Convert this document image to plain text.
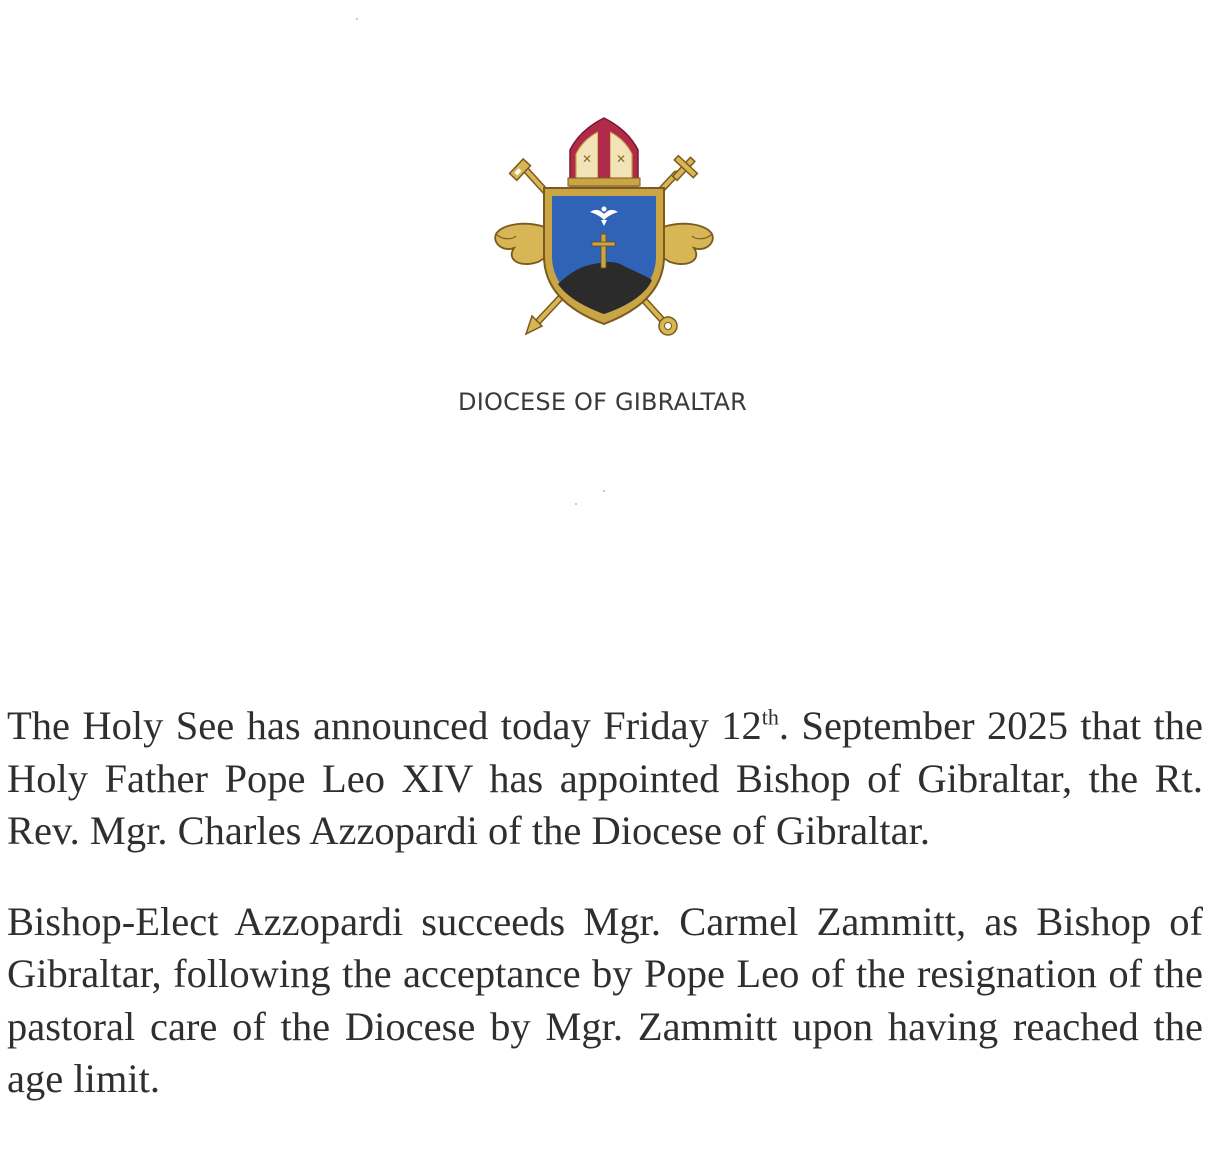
✕ ✕
DIOCESE OF GIBRALTAR

The Holy See has announced today Friday 12th. September 2025 that the Holy Father Pope Leo XIV has appointed Bishop of Gibraltar, the Rt. Rev. Mgr. Charles Azzopardi of the Diocese of Gibraltar.

Bishop-Elect Azzopardi succeeds Mgr. Carmel Zammitt, as Bishop of Gibraltar, following the acceptance by Pope Leo of the resignation of the pastoral care of the Diocese by Mgr. Zammitt upon having reached the age limit.
